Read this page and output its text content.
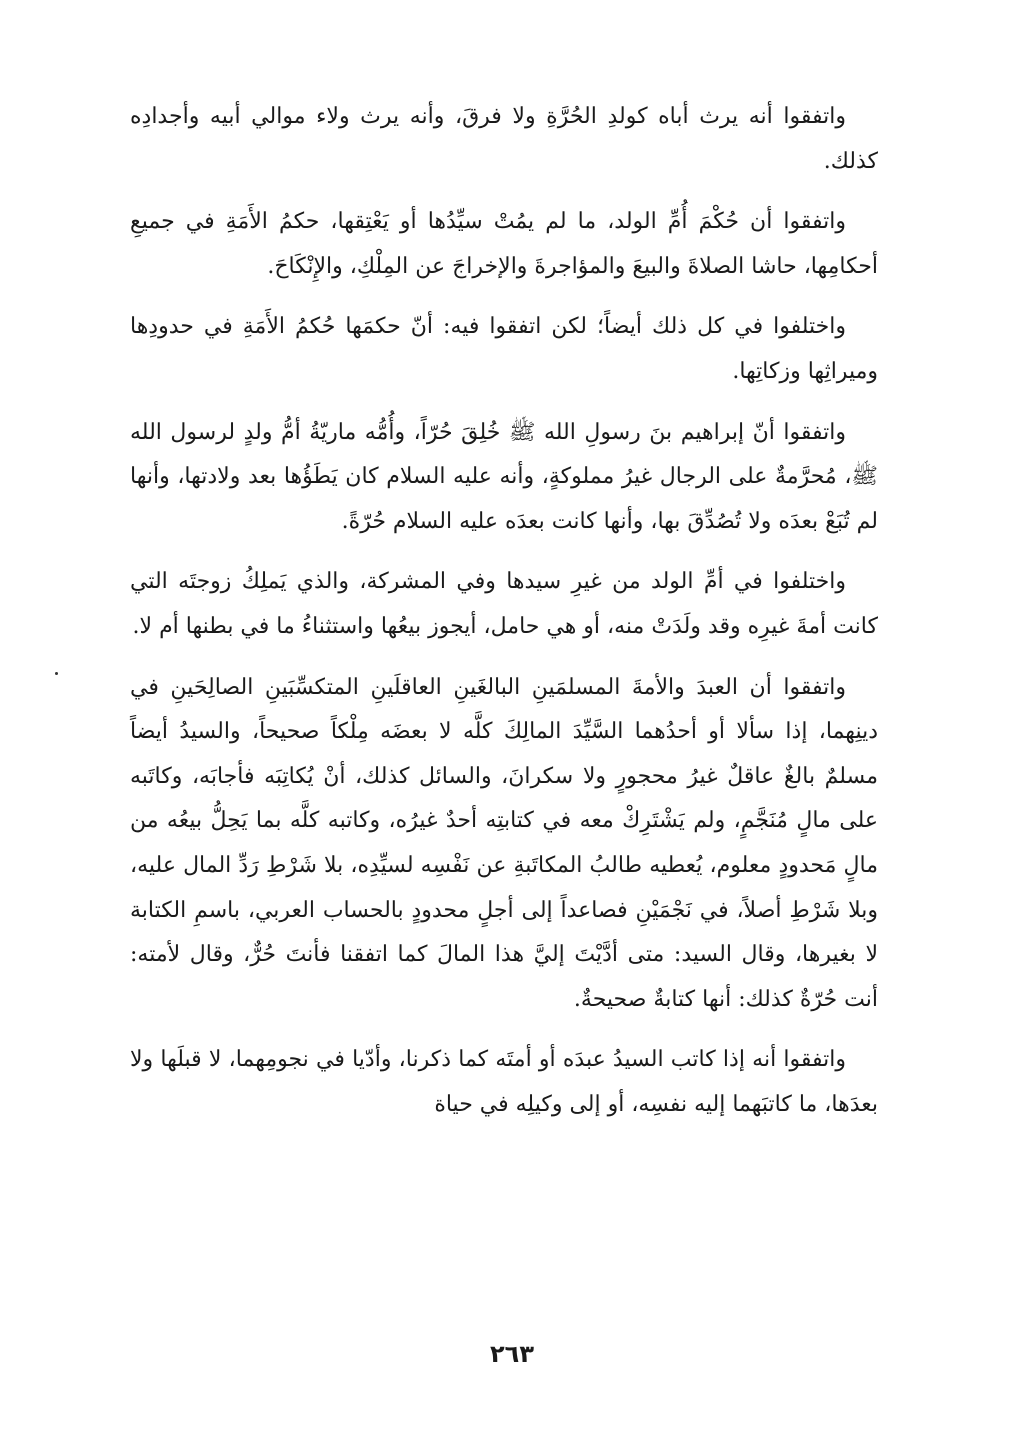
واتفقوا أنه يرث أباه كولدِ الحُرَّةِ ولا فرقَ، وأنه يرث ولاء موالي أبيه وأجدادِه كذلك.

واتفقوا أن حُكْمَ أُمِّ الولد، ما لم يمُتْ سيِّدُها أو يَعْتِقها، حكمُ الأَمَةِ في جميعِ أحكامِها، حاشا الصلاةَ والبيعَ والمؤاجرةَ والإخراجَ عن المِلْكِ، والإِنْكَاحَ.

واختلفوا في كل ذلك أيضاً؛ لكن اتفقوا فيه: أنّ حكمَها حُكمُ الأَمَةِ في حدودِها وميراثِها وزكاتِها.

واتفقوا أنّ إبراهيم بنَ رسولِ الله ﷺ خُلِقَ حُرّاً، وأُمُّه ماريّةُ أمُّ ولدٍ لرسول الله ﷺ، مُحرَّمةٌ على الرجال غيرُ مملوكةٍ، وأنه عليه السلام كان يَطَؤُها بعد ولادتها، وأنها لم تُبَعْ بعدَه ولا تُصُدِّقَ بها، وأنها كانت بعدَه عليه السلام حُرّةً.

واختلفوا في أمِّ الولد من غيرِ سيدها وفي المشركة، والذي يَملِكُ زوجتَه التي كانت أمةَ غيرِه وقد ولَدَتْ منه، أو هي حامل، أيجوز بيعُها واستثناءُ ما في بطنها أم لا.

واتفقوا أن العبدَ والأمةَ المسلمَينِ البالغَينِ العاقلَينِ المتكسِّبَينِ الصالِحَينِ في دينِهما، إذا سألا أو أحدُهما السَّيِّدَ المالِكَ كلَّه لا بعضَه مِلْكاً صحيحاً، والسيدُ أيضاً مسلمٌ بالغٌ عاقلٌ غيرُ محجورٍ ولا سكرانَ، والسائل كذلك، أنْ يُكاتِبَه فأجابَه، وكاتَبه على مالٍ مُنَجَّمٍ، ولم يَشْتَرِكْ معه في كتابتِه أحدٌ غيرُه، وكاتبه كلَّه بما يَحِلُّ بيعُه من مالٍ مَحدودٍ معلوم، يُعطيه طالبُ المكاتَبةِ عن نَفْسِه لسيِّدِه، بلا شَرْطِ رَدِّ المال عليه، وبلا شَرْطِ أصلاً، في نَجْمَيْنِ فصاعداً إلى أجلٍ محدودٍ بالحساب العربي، باسمِ الكتابة لا بغيرها، وقال السيد: متى أدَّيْتَ إليَّ هذا المالَ كما اتفقنا فأنتَ حُرٌّ، وقال لأمته: أنت حُرّةٌ كذلك: أنها كتابةٌ صحيحةٌ.

واتفقوا أنه إذا كاتب السيدُ عبدَه أو أمتَه كما ذكرنا، وأدّيا في نجومِهما، لا قبلَها ولا بعدَها، ما كاتبَهما إليه نفسِه، أو إلى وكيلِه في حياة

٢٦٣
